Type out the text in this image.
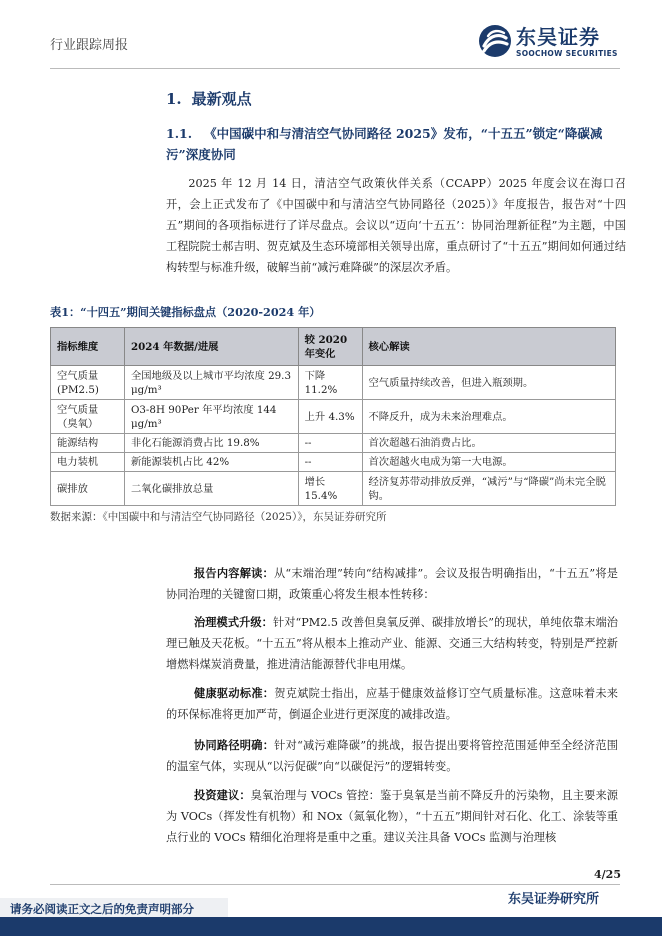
行业跟踪周报	东吴证券
SOOCHOW SECURITIES
1. 最新观点
1.1. 《中国碳中和与清洁空气协同路径 2025》发布，“十五五”锁定“降碳减污”深度协同
2025 年 12 月 14 日，清洁空气政策伙伴关系（CCAPP）2025 年度会议在海口召开，会上正式发布了《中国碳中和与清洁空气协同路径（2025）》年度报告，报告对“十四五”期间的各项指标进行了详尽盘点。会议以“迈向‘十五五’：协同治理新征程”为主题，中国工程院院士郝吉明、贺克斌及生态环境部相关领导出席，重点研讨了“十五五”期间如何通过结构转型与标准升级，破解当前“减污难降碳”的深层次矛盾。
表1：“十四五”期间关键指标盘点（2020-2024 年）
指标维度	2024 年数据/进展	较 2020 年变化	核心解读
空气质量(PM2.5)	全国地级及以上城市平均浓度 29.3 μg/m³	下降 11.2%	空气质量持续改善，但进入瓶颈期。
空气质量（臭氧）	O3-8H 90Per 年平均浓度 144 μg/m³	上升 4.3%	不降反升，成为未来治理难点。
能源结构	非化石能源消费占比 19.8%	--	首次超越石油消费占比。
电力装机	新能源装机占比 42%	--	首次超越火电成为第一大电源。
碳排放	二氧化碳排放总量	增长 15.4%	经济复苏带动排放反弹，“减污”与“降碳”尚未完全脱钩。
数据来源：《中国碳中和与清洁空气协同路径（2025）》，东吴证券研究所
报告内容解读：从“末端治理”转向“结构减排”。会议及报告明确指出，“十五五”将是协同治理的关键窗口期，政策重心将发生根本性转移：
治理模式升级：针对“PM2.5 改善但臭氧反弹、碳排放增长”的现状，单纯依靠末端治理已触及天花板。“十五五”将从根本上推动产业、能源、交通三大结构转变，特别是严控新增燃料煤炭消费量，推进清洁能源替代非电用煤。
健康驱动标准：贺克斌院士指出，应基于健康效益修订空气质量标准。这意味着未来的环保标准将更加严苛，倒逼企业进行更深度的减排改造。
协同路径明确：针对“减污难降碳”的挑战，报告提出要将管控范围延伸至全经济范围的温室气体，实现从“以污促碳”向“以碳促污”的逻辑转变。
投资建议：臭氧治理与 VOCs 管控：鉴于臭氧是当前不降反升的污染物，且主要来源为 VOCs（挥发性有机物）和 NOx（氮氧化物），“十五五”期间针对石化、化工、涂装等重点行业的 VOCs 精细化治理将是重中之重。建议关注具备 VOCs 监测与治理核
4/25
东吴证券研究所
请务必阅读正文之后的免责声明部分
